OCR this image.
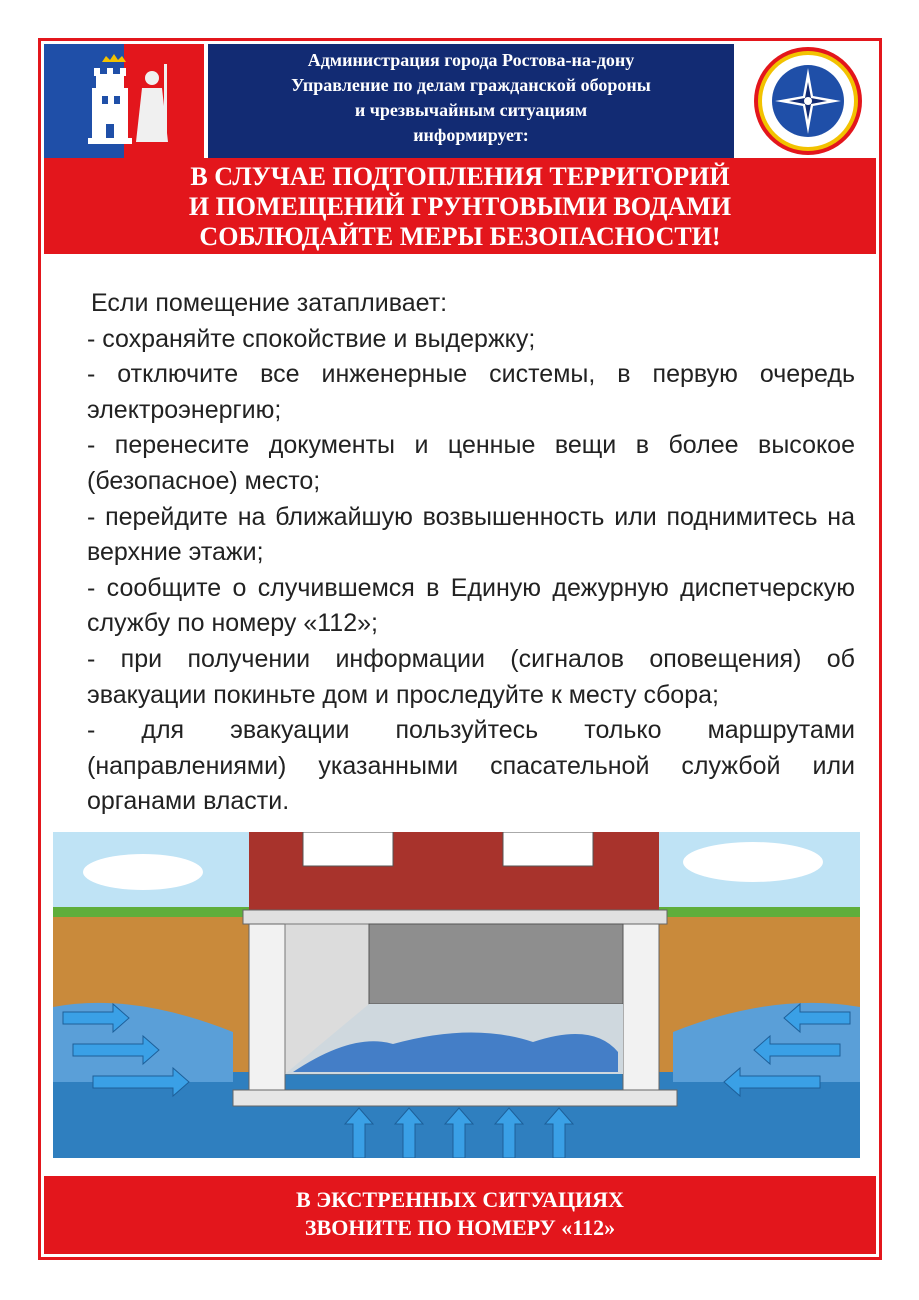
Администрация города Ростова-на-дону
Управление по делам гражданской обороны
и чрезвычайным ситуациям
информирует:
В СЛУЧАЕ ПОДТОПЛЕНИЯ ТЕРРИТОРИЙ
И ПОМЕЩЕНИЙ ГРУНТОВЫМИ ВОДАМИ
СОБЛЮДАЙТЕ МЕРЫ БЕЗОПАСНОСТИ!

Если помещение затапливает:

- сохраняйте спокойствие и выдержку;

- отключите все инженерные системы, в первую очередь электроэнергию;

- перенесите документы и ценные вещи в более высокое (безопасное) место;

- перейдите на ближайшую возвышенность или поднимитесь на верхние этажи;

- сообщите о случившемся в Единую дежурную диспетчерскую службу по номеру «112»;

- при получении информации (сигналов оповещения) об эвакуации покиньте дом и проследуйте к месту сбора;

- для эвакуации пользуйтесь только маршрутами (направлениями) указанными спасательной службой или органами власти.

В ЭКСТРЕННЫХ СИТУАЦИЯХ
ЗВОНИТЕ ПО НОМЕРУ «112»
